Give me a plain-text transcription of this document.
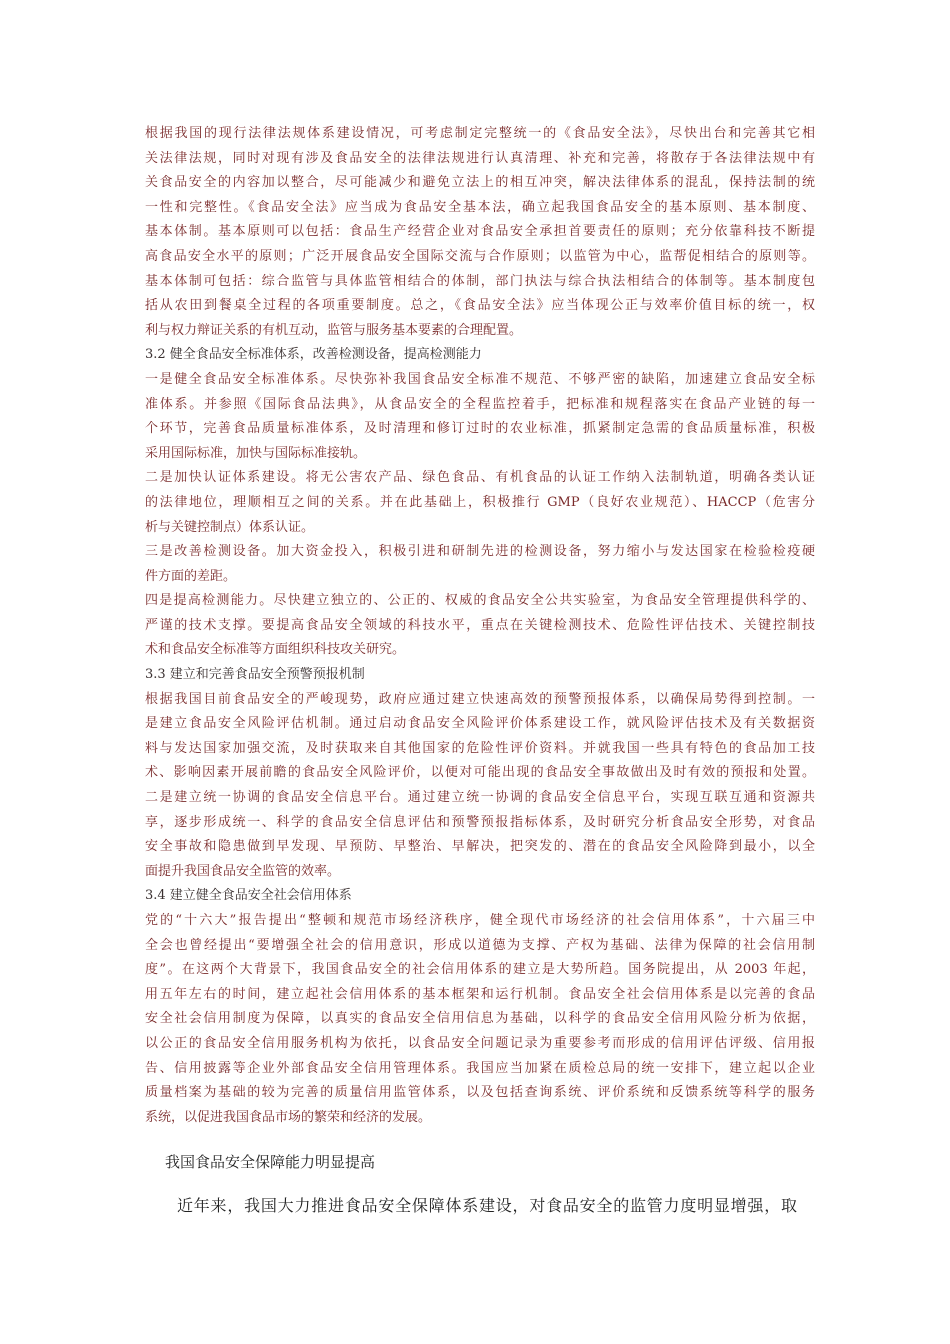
根据我国的现行法律法规体系建设情况，可考虑制定完整统一的《食品安全法》，尽快出台和完善其它相
关法律法规，同时对现有涉及食品安全的法律法规进行认真清理、补充和完善，将散存于各法律法规中有
关食品安全的内容加以整合，尽可能减少和避免立法上的相互冲突，解决法律体系的混乱，保持法制的统
一性和完整性。《食品安全法》应当成为食品安全基本法，确立起我国食品安全的基本原则、基本制度、
基本体制。基本原则可以包括：食品生产经营企业对食品安全承担首要责任的原则；充分依靠科技不断提
高食品安全水平的原则；广泛开展食品安全国际交流与合作原则；以监管为中心，监帮促相结合的原则等。
基本体制可包括：综合监管与具体监管相结合的体制，部门执法与综合执法相结合的体制等。基本制度包
括从农田到餐桌全过程的各项重要制度。总之，《食品安全法》应当体现公正与效率价值目标的统一，权
利与权力辩证关系的有机互动，监管与服务基本要素的合理配置。
3.2 健全食品安全标准体系，改善检测设备，提高检测能力
一是健全食品安全标准体系。尽快弥补我国食品安全标准不规范、不够严密的缺陷，加速建立食品安全标
准体系。并参照《国际食品法典》，从食品安全的全程监控着手，把标准和规程落实在食品产业链的每一
个环节，完善食品质量标准体系，及时清理和修订过时的农业标准，抓紧制定急需的食品质量标准，积极
采用国际标准，加快与国际标准接轨。
二是加快认证体系建设。将无公害农产品、绿色食品、有机食品的认证工作纳入法制轨道，明确各类认证
的法律地位，理顺相互之间的关系。并在此基础上，积极推行 GMP（良好农业规范）、HACCP（危害分
析与关键控制点）体系认证。
三是改善检测设备。加大资金投入，积极引进和研制先进的检测设备，努力缩小与发达国家在检验检疫硬
件方面的差距。
四是提高检测能力。尽快建立独立的、公正的、权威的食品安全公共实验室，为食品安全管理提供科学的、
严谨的技术支撑。要提高食品安全领域的科技水平，重点在关键检测技术、危险性评估技术、关键控制技
术和食品安全标准等方面组织科技攻关研究。
3.3 建立和完善食品安全预警预报机制
根据我国目前食品安全的严峻现势，政府应通过建立快速高效的预警预报体系，以确保局势得到控制。一
是建立食品安全风险评估机制。通过启动食品安全风险评价体系建设工作，就风险评估技术及有关数据资
料与发达国家加强交流，及时获取来自其他国家的危险性评价资料。并就我国一些具有特色的食品加工技
术、影响因素开展前瞻的食品安全风险评价，以便对可能出现的食品安全事故做出及时有效的预报和处置。
二是建立统一协调的食品安全信息平台。通过建立统一协调的食品安全信息平台，实现互联互通和资源共
享，逐步形成统一、科学的食品安全信息评估和预警预报指标体系，及时研究分析食品安全形势，对食品
安全事故和隐患做到早发现、早预防、早整治、早解决，把突发的、潜在的食品安全风险降到最小，以全
面提升我国食品安全监管的效率。
3.4 建立健全食品安全社会信用体系
党的“十六大”报告提出“整顿和规范市场经济秩序，健全现代市场经济的社会信用体系”，十六届三中
全会也曾经提出“要增强全社会的信用意识，形成以道德为支撑、产权为基础、法律为保障的社会信用制
度”。在这两个大背景下，我国食品安全的社会信用体系的建立是大势所趋。国务院提出，从 2003 年起，
用五年左右的时间，建立起社会信用体系的基本框架和运行机制。食品安全社会信用体系是以完善的食品
安全社会信用制度为保障，以真实的食品安全信用信息为基础，以科学的食品安全信用风险分析为依据，
以公正的食品安全信用服务机构为依托，以食品安全问题记录为重要参考而形成的信用评估评级、信用报
告、信用披露等企业外部食品安全信用管理体系。我国应当加紧在质检总局的统一安排下，建立起以企业
质量档案为基础的较为完善的质量信用监管体系，以及包括查询系统、评价系统和反馈系统等科学的服务
系统，以促进我国食品市场的繁荣和经济的发展。
我国食品安全保障能力明显提高
近年来，我国大力推进食品安全保障体系建设，对食品安全的监管力度明显增强，取
